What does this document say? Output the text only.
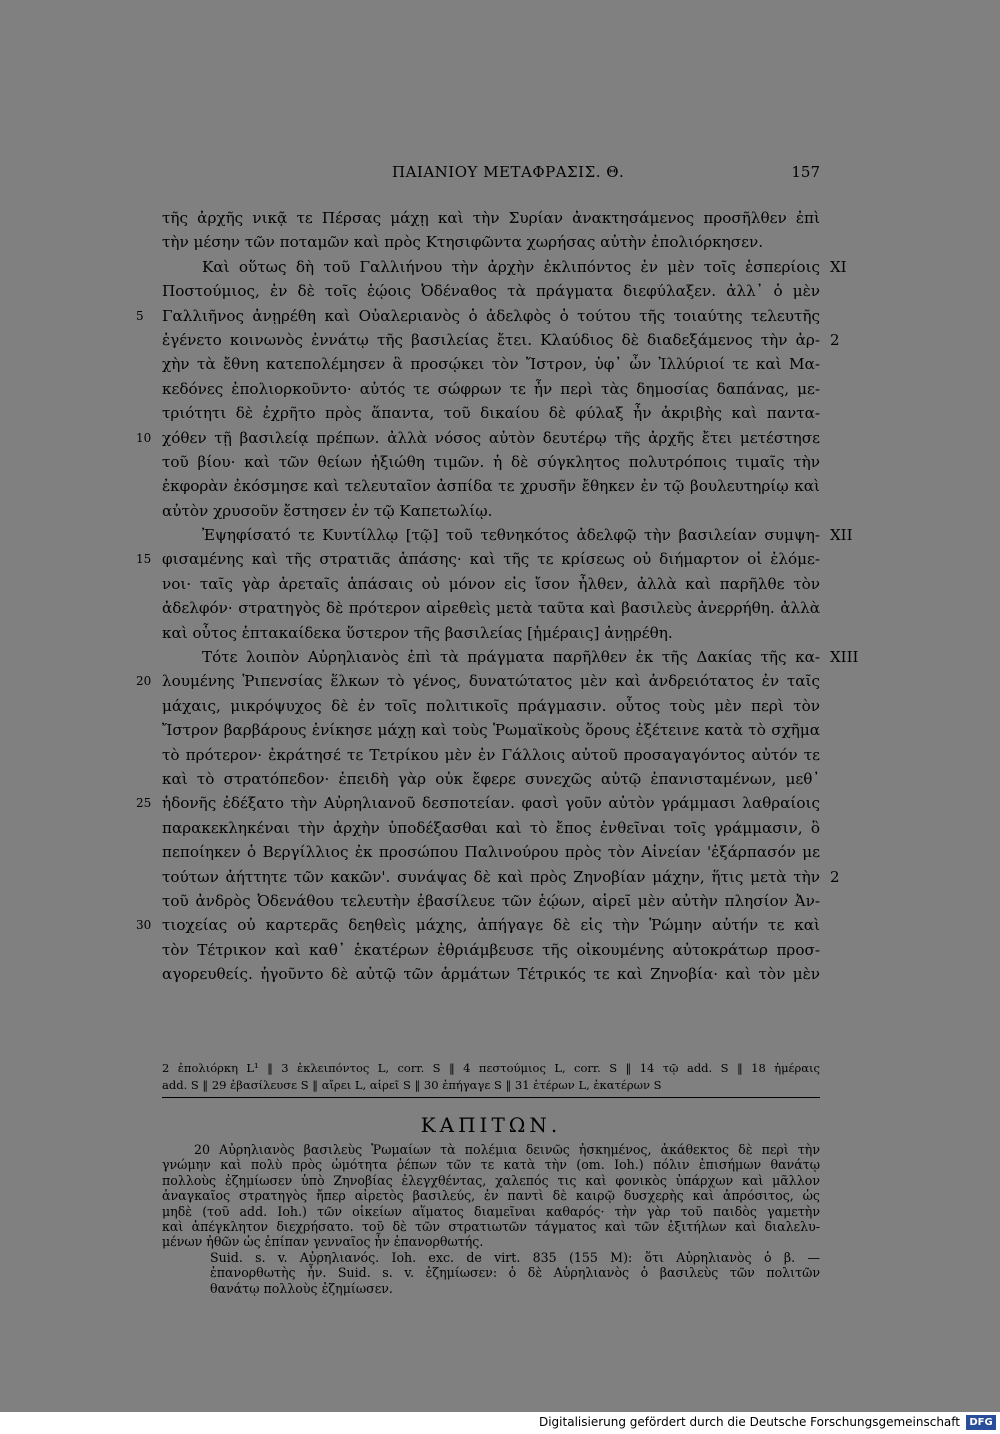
ΠΑΙΑΝΙΟΥ ΜΕΤΑΦΡΑΣΙΣ. Θ.	157
τῆς ἀρχῆς νικᾷ τε Πέρσας μάχῃ καὶ τὴν Συρίαν ἀνακτησάμενος προσῆλθεν ἐπὶ
τὴν μέσην τῶν ποταμῶν καὶ πρὸς Κτησιφῶντα χωρήσας αὐτὴν ἐπολιόρκησεν.
Καὶ οὕτως δὴ τοῦ Γαλλιήνου τὴν ἀρχὴν ἐκλιπόντος ἐν μὲν τοῖς ἑσπερίοις XI
Ποστούμιος, ἐν δὲ τοῖς ἑῴοις Ὀδέναθος τὰ πράγματα διεφύλαξεν. ἀλλ᾽ ὁ μὲν
5 Γαλλιῆνος ἀνῃρέθη καὶ Οὐαλεριανὸς ὁ ἀδελφὸς ὁ τούτου τῆς τοιαύτης τελευτῆς
ἐγένετο κοινωνὸς ἐννάτῳ τῆς βασιλείας ἔτει. Κλαύδιος δὲ διαδεξάμενος τὴν ἀρ- 2
χὴν τὰ ἔθνη κατεπολέμησεν ἃ προσῴκει τὸν Ἴστρον, ὑφ᾽ ὧν Ἰλλύριοί τε καὶ Μα-
κεδόνες ἐπολιορκοῦντο· αὐτός τε σώφρων τε ἦν περὶ τὰς δημοσίας δαπάνας, με-
τριότητι δὲ ἐχρῆτο πρὸς ἅπαντα, τοῦ δικαίου δὲ φύλαξ ἦν ἀκριβὴς καὶ παντα-
10 χόθεν τῇ βασιλείᾳ πρέπων. ἀλλὰ νόσος αὐτὸν δευτέρῳ τῆς ἀρχῆς ἔτει μετέστησε
τοῦ βίου· καὶ τῶν θείων ἠξιώθη τιμῶν. ἡ δὲ σύγκλητος πολυτρόποις τιμαῖς τὴν
ἐκφορὰν ἐκόσμησε καὶ τελευταῖον ἀσπίδα τε χρυσῆν ἔθηκεν ἐν τῷ βουλευτηρίῳ καὶ
αὐτὸν χρυσοῦν ἔστησεν ἐν τῷ Καπετωλίῳ.
Ἐψηφίσατό τε Κυντίλλῳ [τῷ] τοῦ τεθνηκότος ἀδελφῷ τὴν βασιλείαν συμψη- XII
15 φισαμένης καὶ τῆς στρατιᾶς ἁπάσης· καὶ τῆς τε κρίσεως οὐ διήμαρτον οἱ ἑλόμε-
νοι· ταῖς γὰρ ἀρεταῖς ἁπάσαις οὐ μόνον εἰς ἴσον ἦλθεν, ἀλλὰ καὶ παρῆλθε τὸν
ἀδελφόν· στρατηγὸς δὲ πρότερον αἱρεθεὶς μετὰ ταῦτα καὶ βασιλεὺς ἀνερρήθη. ἀλλὰ
καὶ οὗτος ἑπτακαίδεκα ὕστερον τῆς βασιλείας [ἡμέραις] ἀνῃρέθη.
Τότε λοιπὸν Αὐρηλιανὸς ἐπὶ τὰ πράγματα παρῆλθεν ἐκ τῆς Δακίας τῆς κα- XIII
20 λουμένης Ῥιπενσίας ἕλκων τὸ γένος, δυνατώτατος μὲν καὶ ἀνδρειότατος ἐν ταῖς
μάχαις, μικρόψυχος δὲ ἐν τοῖς πολιτικοῖς πράγμασιν. οὗτος τοὺς μὲν περὶ τὸν
Ἴστρον βαρβάρους ἐνίκησε μάχῃ καὶ τοὺς Ῥωμαϊκοὺς ὅρους ἐξέτεινε κατὰ τὸ σχῆμα
τὸ πρότερον· ἐκράτησέ τε Τετρίκου μὲν ἐν Γάλλοις αὐτοῦ προσαγαγόντος αὐτόν τε
καὶ τὸ στρατόπεδον· ἐπειδὴ γὰρ οὐκ ἔφερε συνεχῶς αὐτῷ ἐπανισταμένων, μεθ᾽
25 ἡδονῆς ἐδέξατο τὴν Αὐρηλιανοῦ δεσποτείαν. φασὶ γοῦν αὐτὸν γράμμασι λαθραίοις
παρακεκληκέναι τὴν ἀρχὴν ὑποδέξασθαι καὶ τὸ ἔπος ἐνθεῖναι τοῖς γράμμασιν, ὃ
πεποίηκεν ὁ Βεργίλλιος ἐκ προσώπου Παλινούρου πρὸς τὸν Αἰνείαν 'ἐξάρπασόν με
τούτων ἀήττητε τῶν κακῶν'. συνάψας δὲ καὶ πρὸς Ζηνοβίαν μάχην, ἥτις μετὰ τὴν 2
τοῦ ἀνδρὸς Ὀδενάθου τελευτὴν ἐβασίλευε τῶν ἑῴων, αἱρεῖ μὲν αὐτὴν πλησίον Ἀν-
30 τιοχείας οὐ καρτερᾶς δεηθεὶς μάχης, ἀπήγαγε δὲ εἰς τὴν Ῥώμην αὐτήν τε καὶ
τὸν Τέτρικον καὶ καθ᾽ ἑκατέρων ἐθριάμβευσε τῆς οἰκουμένης αὐτοκράτωρ προσ-
αγορευθείς. ἡγοῦντο δὲ αὐτῷ τῶν ἁρμάτων Τέτρικός τε καὶ Ζηνοβία· καὶ τὸν μὲν
2 ἐπολιόρκη L¹ ‖ 3 ἐκλειπόντος L, corr. S ‖ 4 πεστούμιος L, corr. S ‖ 14 τῷ add. S ‖ 18 ἡμέραις
add. S ‖ 29 ἐβασίλευσε S ‖ αἴρει L, αἱρεῖ S ‖ 30 ἐπήγαγε S ‖ 31 ἑτέρων L, ἑκατέρων S
ΚΑΠΙΤΩΝ.
20 Αὐρηλιανὸς βασιλεὺς Ῥωμαίων τὰ πολέμια δεινῶς ἠσκημένος, ἀκάθεκτος δὲ περὶ τὴν
γνώμην καὶ πολὺ πρὸς ὠμότητα ῥέπων τῶν τε κατὰ τὴν (om. Ioh.) πόλιν ἐπισήμων θανάτῳ
πολλοὺς ἐζημίωσεν ὑπὸ Ζηνοβίας ἐλεγχθέντας, χαλεπός τις καὶ φονικὸς ὑπάρχων καὶ μᾶλλον
ἀναγκαῖος στρατηγὸς ἤπερ αἱρετὸς βασιλεύς, ἐν παντὶ δὲ καιρῷ δυσχερὴς καὶ ἀπρόσιτος, ὡς
μηδὲ (τοῦ add. Ioh.) τῶν οἰκείων αἵματος διαμεῖναι καθαρός· τὴν γὰρ τοῦ παιδὸς γαμετὴν
καὶ ἀπέγκλητον διεχρήσατο. τοῦ δὲ τῶν στρατιωτῶν τάγματος καὶ τῶν ἐξιτήλων καὶ διαλελυ-
μένων ἠθῶν ὡς ἐπίπαν γενναῖος ἦν ἐπανορθωτής.
Suid. s. v. Αὐρηλιανός. Ioh. exc. de virt. 835 (155 M): ὅτι Αὐρηλιανὸς ὁ β. —
ἐπανορθωτὴς ἦν. Suid. s. v. ἐζημίωσεν: ὁ δὲ Αὐρηλιανὸς ὁ βασιλεὺς τῶν πολιτῶν
θανάτῳ πολλοὺς ἐζημίωσεν.
Digitalisierung gefördert durch die Deutsche Forschungsgemeinschaft DFG
